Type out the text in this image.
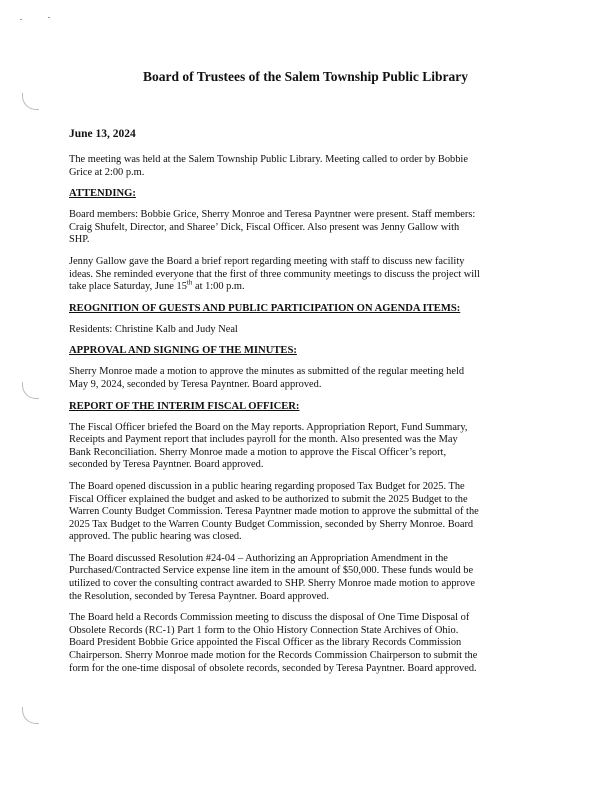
Board of Trustees of the Salem Township Public Library
June 13, 2024
The meeting was held at the Salem Township Public Library. Meeting called to order by Bobbie
Grice at 2:00 p.m.
ATTENDING:
Board members: Bobbie Grice, Sherry Monroe and Teresa Payntner were present. Staff members:
Craig Shufelt, Director, and Sharee’ Dick, Fiscal Officer. Also present was Jenny Gallow with
SHP.
Jenny Gallow gave the Board a brief report regarding meeting with staff to discuss new facility
ideas. She reminded everyone that the first of three community meetings to discuss the project will
take place Saturday, June 15th at 1:00 p.m.
REOGNITION OF GUESTS AND PUBLIC PARTICIPATION ON AGENDA ITEMS:
Residents: Christine Kalb and Judy Neal
APPROVAL AND SIGNING OF THE MINUTES:
Sherry Monroe made a motion to approve the minutes as submitted of the regular meeting held
May 9, 2024, seconded by Teresa Payntner. Board approved.
REPORT OF THE INTERIM FISCAL OFFICER:
The Fiscal Officer briefed the Board on the May reports. Appropriation Report, Fund Summary,
Receipts and Payment report that includes payroll for the month. Also presented was the May
Bank Reconciliation. Sherry Monroe made a motion to approve the Fiscal Officer’s report,
seconded by Teresa Payntner. Board approved.
The Board opened discussion in a public hearing regarding proposed Tax Budget for 2025. The
Fiscal Officer explained the budget and asked to be authorized to submit the 2025 Budget to the
Warren County Budget Commission. Teresa Payntner made motion to approve the submittal of the
2025 Tax Budget to the Warren County Budget Commission, seconded by Sherry Monroe. Board
approved. The public hearing was closed.
The Board discussed Resolution #24-04 – Authorizing an Appropriation Amendment in the
Purchased/Contracted Service expense line item in the amount of $50,000. These funds would be
utilized to cover the consulting contract awarded to SHP. Sherry Monroe made motion to approve
the Resolution, seconded by Teresa Payntner. Board approved.
The Board held a Records Commission meeting to discuss the disposal of One Time Disposal of
Obsolete Records (RC-1) Part 1 form to the Ohio History Connection State Archives of Ohio.
Board President Bobbie Grice appointed the Fiscal Officer as the library Records Commission
Chairperson. Sherry Monroe made motion for the Records Commission Chairperson to submit the
form for the one-time disposal of obsolete records, seconded by Teresa Payntner. Board approved.
